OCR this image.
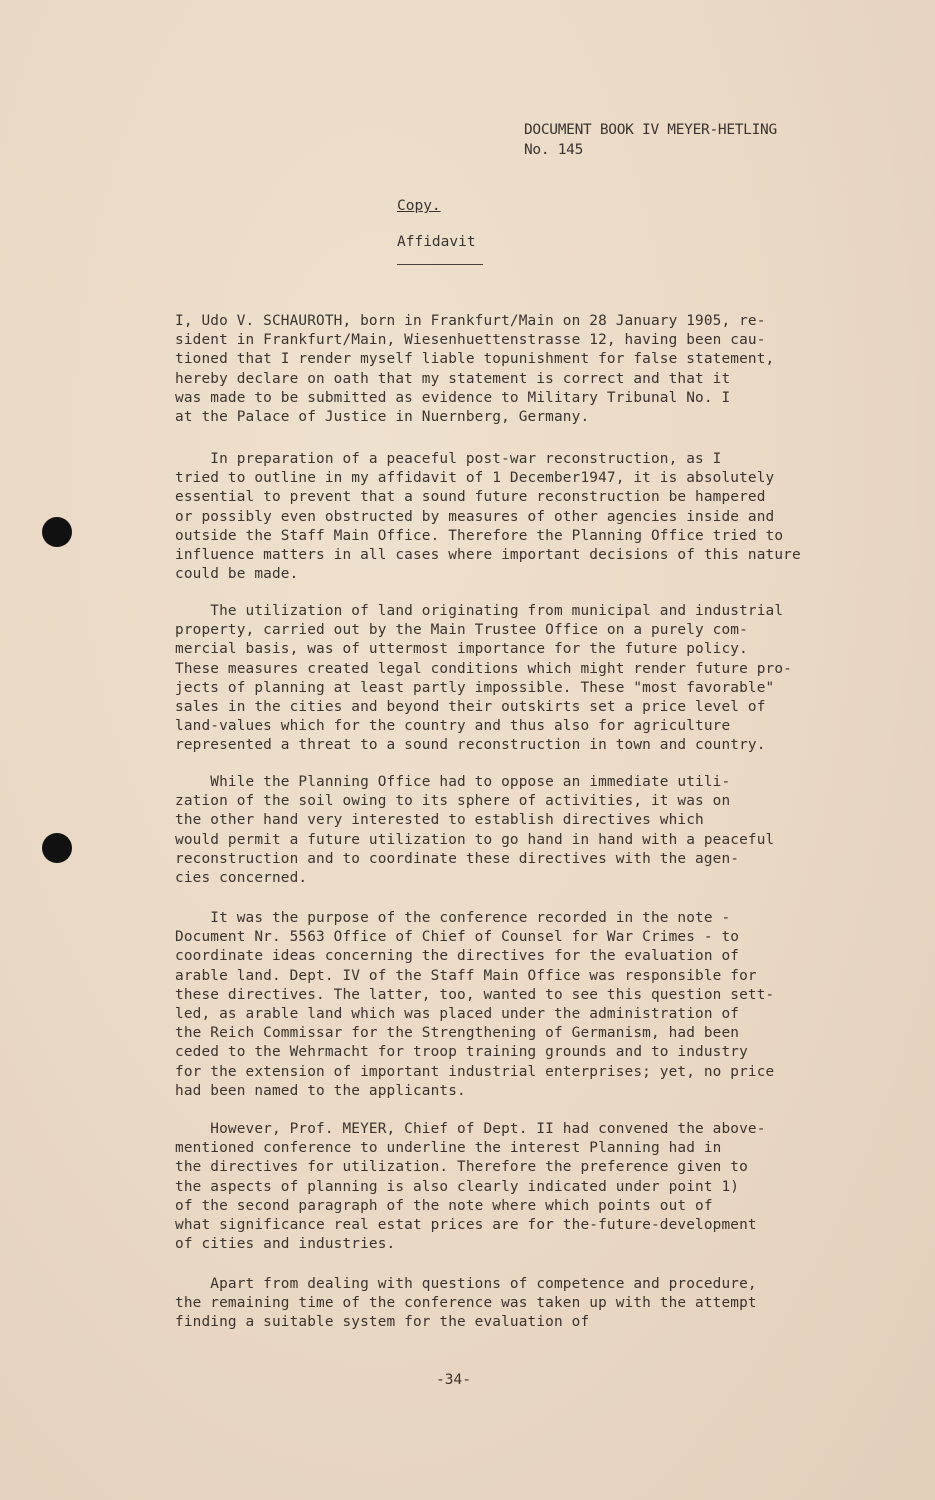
DOCUMENT BOOK IV MEYER-HETLING
No. 145
Copy.
Affidavit
I, Udo V. SCHAUROTH, born in Frankfurt/Main on 28 January 1905, re-
sident in Frankfurt/Main, Wiesenhuettenstrasse 12, having been cau-
tioned that I render myself liable topunishment for false statement,
hereby declare on oath that my statement is correct and that it
was made to be submitted as evidence to Military Tribunal No. I
at the Palace of Justice in Nuernberg, Germany.
In preparation of a peaceful post-war reconstruction, as I
tried to outline in my affidavit of 1 December1947, it is absolutely
essential to prevent that a sound future reconstruction be hampered
or possibly even obstructed by measures of other agencies inside and
outside the Staff Main Office. Therefore the Planning Office tried to
influence matters in all cases where important decisions of this nature
could be made.
The utilization of land originating from municipal and industrial
property, carried out by the Main Trustee Office on a purely com-
mercial basis, was of uttermost importance for the future policy.
These measures created legal conditions which might render future pro-
jects of planning at least partly impossible. These "most favorable"
sales in the cities and beyond their outskirts set a price level of
land-values which for the country and thus also for agriculture
represented a threat to a sound reconstruction in town and country.
While the Planning Office had to oppose an immediate utili-
zation of the soil owing to its sphere of activities, it was on
the other hand very interested to establish directives which
would permit a future utilization to go hand in hand with a peaceful
reconstruction and to coordinate these directives with the agen-
cies concerned.
It was the purpose of the conference recorded in the note -
Document Nr. 5563 Office of Chief of Counsel for War Crimes - to
coordinate ideas concerning the directives for the evaluation of
arable land. Dept. IV of the Staff Main Office was responsible for
these directives. The latter, too, wanted to see this question sett-
led, as arable land which was placed under the administration of
the Reich Commissar for the Strengthening of Germanism, had been
ceded to the Wehrmacht for troop training grounds and to industry
for the extension of important industrial enterprises; yet, no price
had been named to the applicants.
However, Prof. MEYER, Chief of Dept. II had convened the above-
mentioned conference to underline the interest Planning had in
the directives for utilization. Therefore the preference given to
the aspects of planning is also clearly indicated under point 1)
of the second paragraph of the note where which points out of
what significance real estat prices are for the-future-development
of cities and industries.
Apart from dealing with questions of competence and procedure,
the remaining time of the conference was taken up with the attempt
finding a suitable system for the evaluation of
-34-
